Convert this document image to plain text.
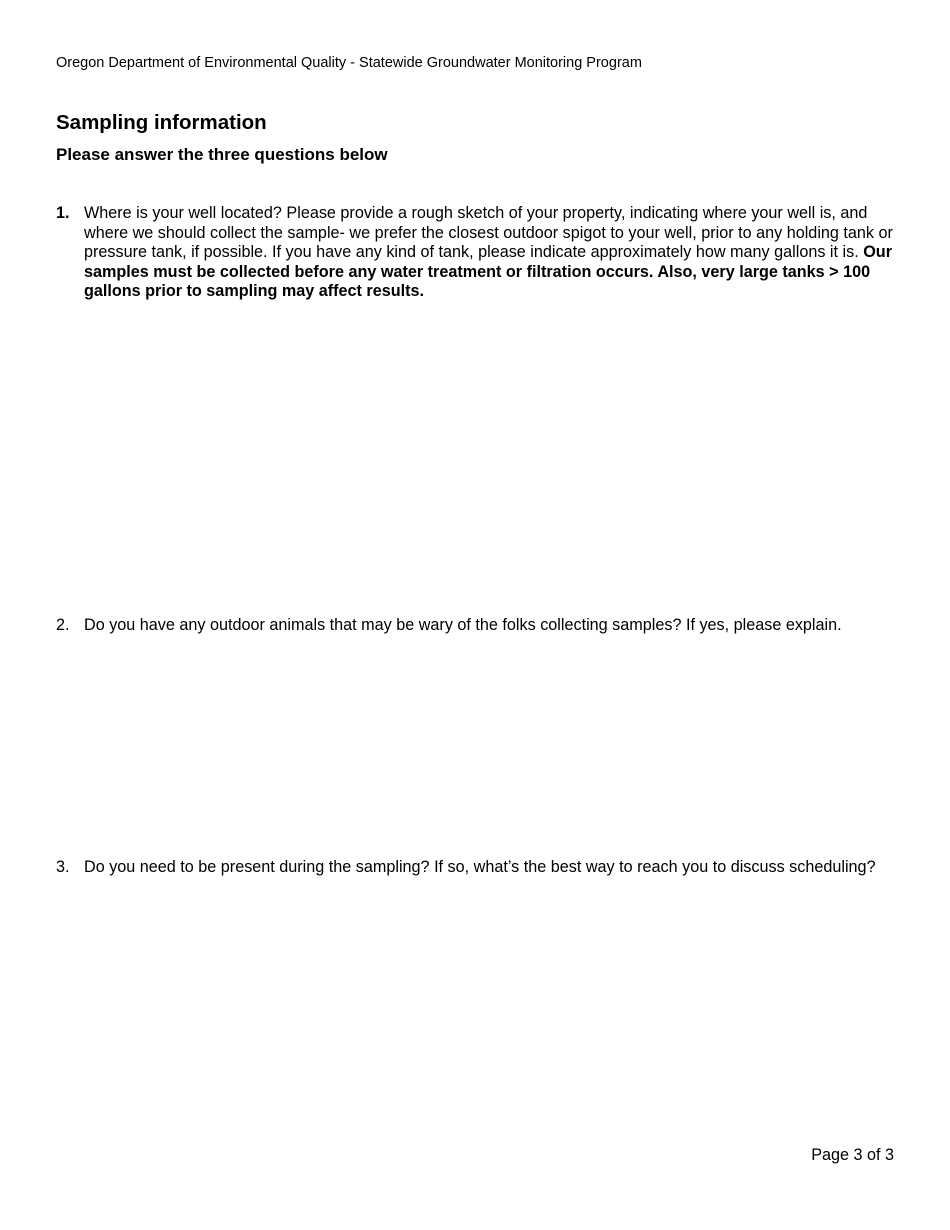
Oregon Department of Environmental Quality - Statewide Groundwater Monitoring Program
Sampling information
Please answer the three questions below
1. Where is your well located? Please provide a rough sketch of your property, indicating where your well is, and where we should collect the sample- we prefer the closest outdoor spigot to your well, prior to any holding tank or pressure tank, if possible. If you have any kind of tank, please indicate approximately how many gallons it is. Our samples must be collected before any water treatment or filtration occurs. Also, very large tanks > 100 gallons prior to sampling may affect results.
2. Do you have any outdoor animals that may be wary of the folks collecting samples? If yes, please explain.
3. Do you need to be present during the sampling? If so, what’s the best way to reach you to discuss scheduling?
Page 3 of 3
